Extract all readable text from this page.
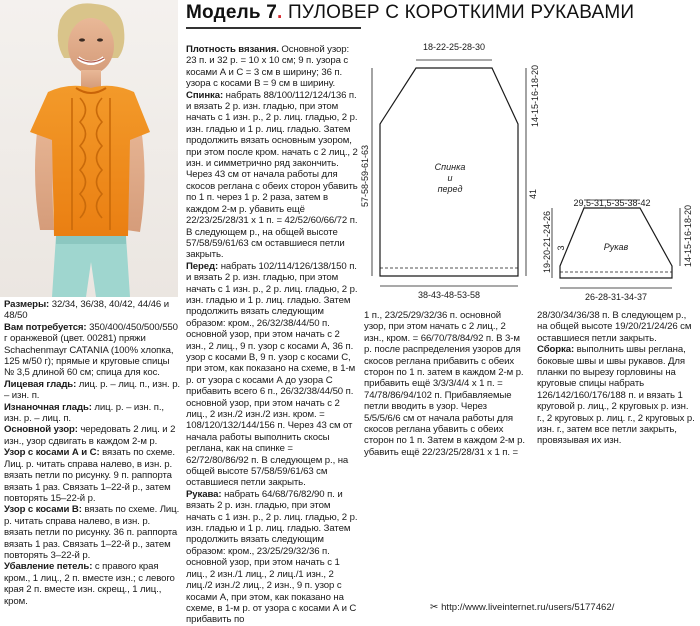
Модель 7. ПУЛОВЕР С КОРОТКИМИ РУКАВАМИ

Размеры: 32/34, 36/38, 40/42, 44/46 и 48/50

Вам потребуется: 350/400/450/500/550 г оранжевой (цвет. 00281) пряжи Schachenmayr CATANIA (100% хлопка, 125 м/50 г); прямые и круговые спицы № 3,5 длиной 60 см; спица для кос.

Лицевая гладь: лиц. р. – лиц. п., изн. р. – изн. п.

Изнаночная гладь: лиц. р. – изн. п., изн. р. – лиц. п.

Основной узор: чередовать 2 лиц. и 2 изн., узор сдвигать в каждом 2-м р.

Узор с косами А и С: вязать по схеме. Лиц. р. читать справа налево, в изн. р. вязать петли по рисунку. 9 п. раппорта вязать 1 раз. Связать 1–22-й р., затем повторять 15–22-й р.

Узор с косами В: вязать по схеме. Лиц. р. читать справа налево, в изн. р. вязать петли по рисунку. 36 п. раппорта вязать 1 раз. Связать 1–22-й р., затем повторять 3–22-й р.

Убавление петель: с правого края кром., 1 лиц., 2 п. вместе изн.; с левого края 2 п. вместе изн. скрещ., 1 лиц., кром.

Плотность вязания. Основной узор: 23 п. и 32 р. = 10 х 10 см; 9 п. узора с косами А и С = 3 см в ширину; 36 п. узора с косами В = 9 см в ширину.

Спинка: набрать 88/100/112/124/136 п. и вязать 2 р. изн. гладью, при этом начать с 1 изн. р., 2 р. лиц. гладью, 2 р. изн. гладью и 1 р. лиц. гладью. Затем продолжить вязать основным узором, при этом после кром. начать с 2 лиц., 2 изн. и симметрично ряд закончить. Через 43 см от начала работы для скосов реглана с обеих сторон убавить по 1 п. через 1 р. 2 раза, затем в каждом 2-м р. убавить ещё 22/23/25/28/31 х 1 п. = 42/52/60/66/72 п. В следующем р., на общей высоте 57/58/59/61/63 см оставшиеся петли закрыть.

Перед: набрать 102/114/126/138/150 п. и вязать 2 р. изн. гладью, при этом начать с 1 изн. р., 2 р. лиц. гладью, 2 р. изн. гладью и 1 р. лиц. гладью. Затем продолжить вязать следующим образом: кром., 26/32/38/44/50 п. основной узор, при этом начать с 2 изн., 2 лиц., 9 п. узор с косами А, 36 п. узор с косами В, 9 п. узор с косами С, при этом, как показано на схеме, в 1-м р. от узора с косами А до узора С прибавить всего 6 п., 26/32/38/44/50 п. основной узор, при этом начать с 2 лиц., 2 изн./2 изн./2 изн. кром. = 108/120/132/144/156 п. Через 43 см от начала работы выполнить скосы реглана, как на спинке = 62/72/80/86/92 п. В следующем р., на общей высоте 57/58/59/61/63 см оставшиеся петли закрыть.

Рукава: набрать 64/68/76/82/90 п. и вязать 2 р. изн. гладью, при этом начать с 1 изн. р., 2 р. лиц. гладью, 2 р. изн. гладью и 1 р. лиц. гладью. Затем продолжить вязать следующим образом: кром., 23/25/29/32/36 п. основной узор, при этом начать с 1 лиц., 2 изн./1 лиц., 2 лиц./1 изн., 2 лиц./2 изн./2 лиц., 2 изн., 9 п. узор с косами А, при этом, как показано на схеме, в 1-м р. от узора с косами А и С прибавить по

18-22-25-28-30
14-15-16-18-20
41
57-58-59-61-63	Спинка
и
перед
38-43-48-53-58
29,5-31,5-35-38-42
19-20-21-24-26 3	14-15-16-18-20
Рукав
26-28-31-34-37

1 п., 23/25/29/32/36 п. основной узор, при этом начать с 2 лиц., 2 изн., кром. = 66/70/78/84/92 п. В 3-м р. после распределения узоров для скосов реглана прибавить с обеих сторон по 1 п. затем в каждом 2-м р. прибавить ещё 3/3/3/4/4 х 1 п. = 74/78/86/94/102 п. Прибавляемые петли вводить в узор. Через 5/5/5/6/6 см от начала работы для скосов реглана убавить с обеих сторон по 1 п. Затем в каждом 2-м р. убавить ещё 22/23/25/28/31 х 1 п. = 28/30/34/36/38 п. В следующем р., на общей высоте 19/20/21/24/26 см оставшиеся петли закрыть.

Сборка: выполнить швы реглана, боковые швы и швы рукавов. Для планки по вырезу горловины на круговые спицы набрать 126/142/160/176/188 п. и вязать 1 круговой р. лиц., 2 круговых р. изн. г., 2 круговых р. лиц. г., 2 круговых р. изн. г., затем все петли закрыть, провязывая их изн.

✂ http://www.liveinternet.ru/users/5177462/
